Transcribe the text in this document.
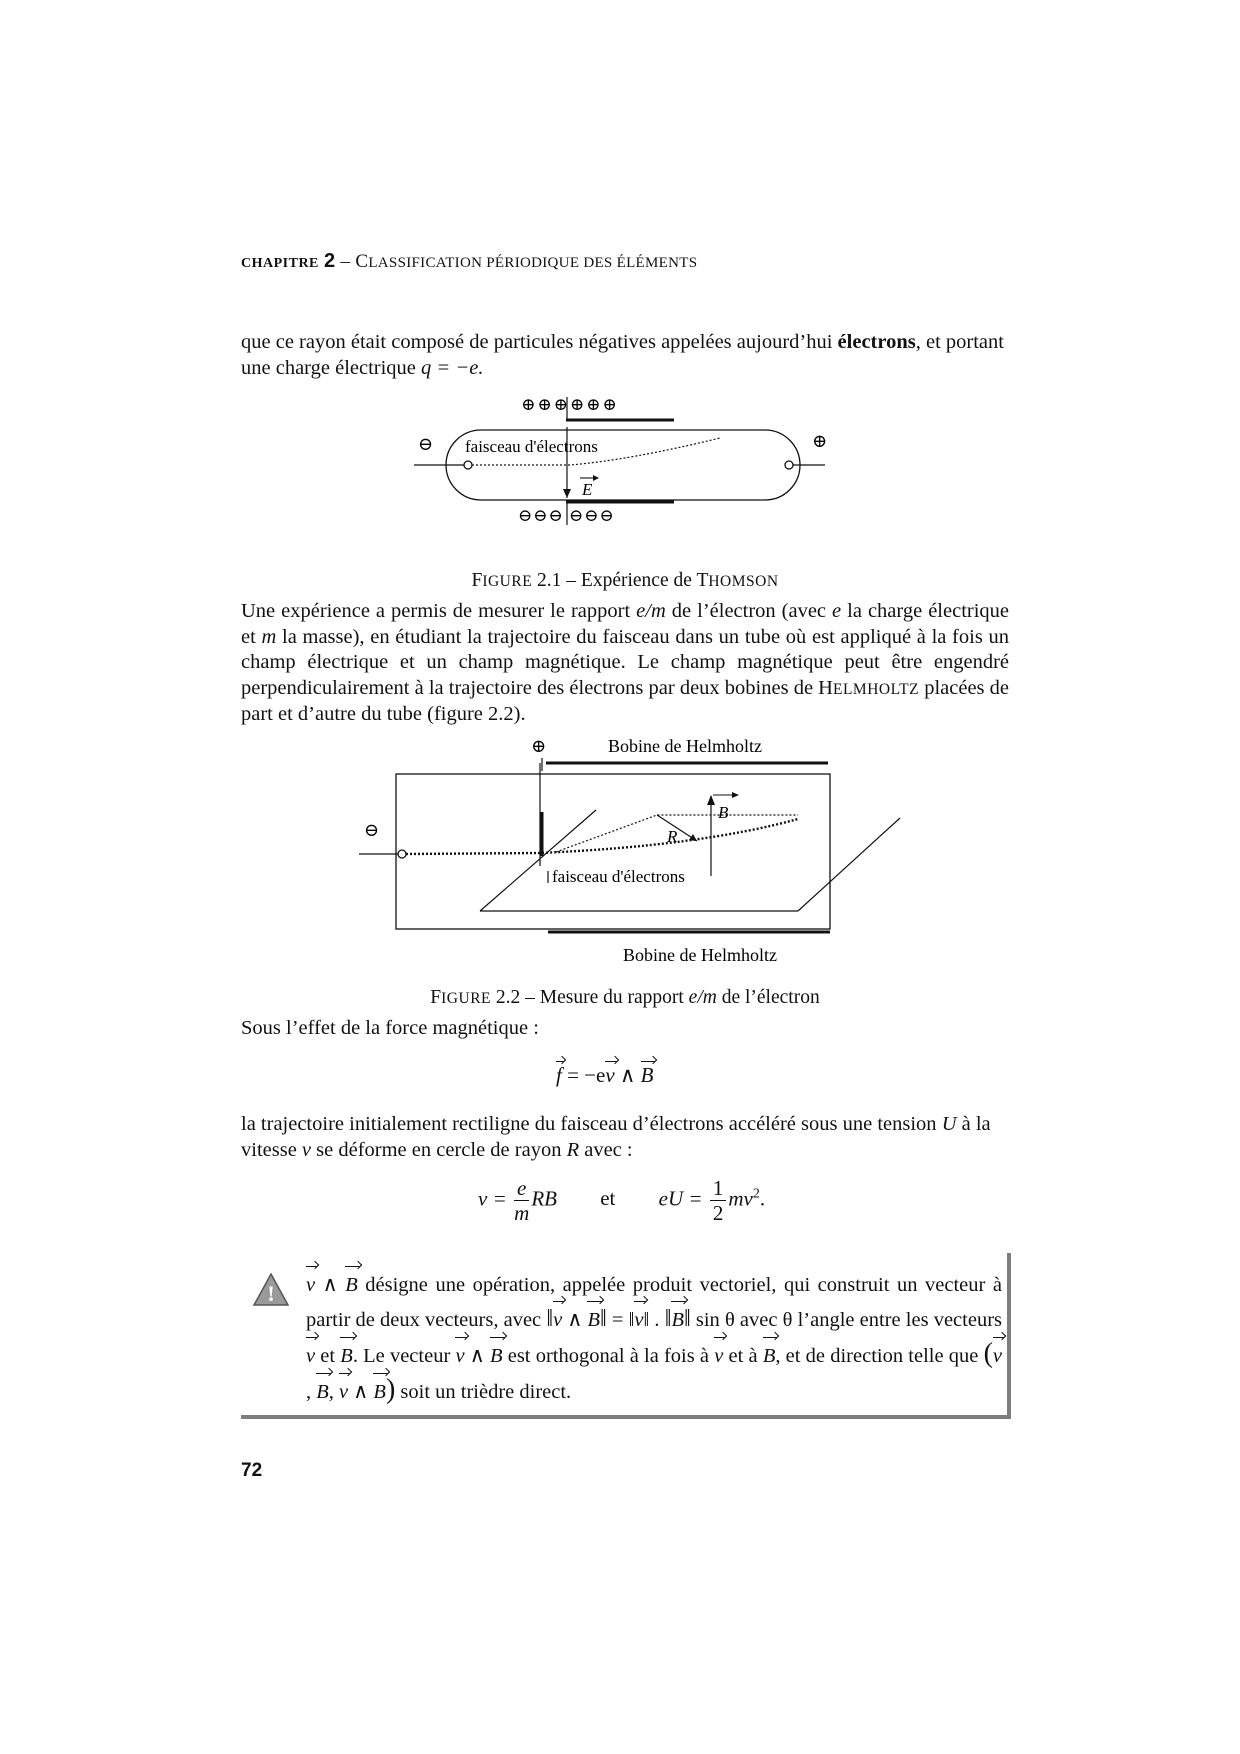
CHAPITRE 2 – CLASSIFICATION PÉRIODIQUE DES ÉLÉMENTS
que ce rayon était composé de particules négatives appelées aujourd’hui électrons, et portant
une charge électrique q = −e.
⊕⊕⊕⊕⊕⊕
⊖	⊕
faisceau d'électrons
E
⊖⊖⊖ ⊖⊖⊖
FIGURE 2.1 – Expérience de THOMSON
Une expérience a permis de mesurer le rapport e/m de l’électron (avec e la charge électrique et m la masse), en étudiant la trajectoire du faisceau dans un tube où est appliqué à la fois un champ électrique et un champ magnétique. Le champ magnétique peut être engendré perpendiculairement à la trajectoire des électrons par deux bobines de HELMHOLTZ placées de part et d’autre du tube (figure 2.2).
⊕	Bobine de Helmholtz
⊖	R
B
faisceau d'électrons
Bobine de Helmholtz
FIGURE 2.2 – Mesure du rapport e/m de l’électron
Sous l’effet de la force magnétique :
f = −ev ∧ B
la trajectoire initialement rectiligne du faisceau d’électrons accéléré sous une tension U à la
vitesse v se déforme en cercle de rayon R avec :
$v = \frac{e}{m}$ RB et eU = $\frac{1}{2} mv^2$.
! v ∧ B désigne une opération, appelée produit vectoriel, qui construit un vecteur à partir de deux vecteurs, avec ‖v ∧ B‖ = ‖v‖ . ‖B‖ sin θ avec θ l’angle entre les vecteurs v et B. Le vecteur v ∧ B est orthogonal à la fois à v et à B, et de direction telle que (v, B, v ∧ B) soit un trièdre direct.
72
